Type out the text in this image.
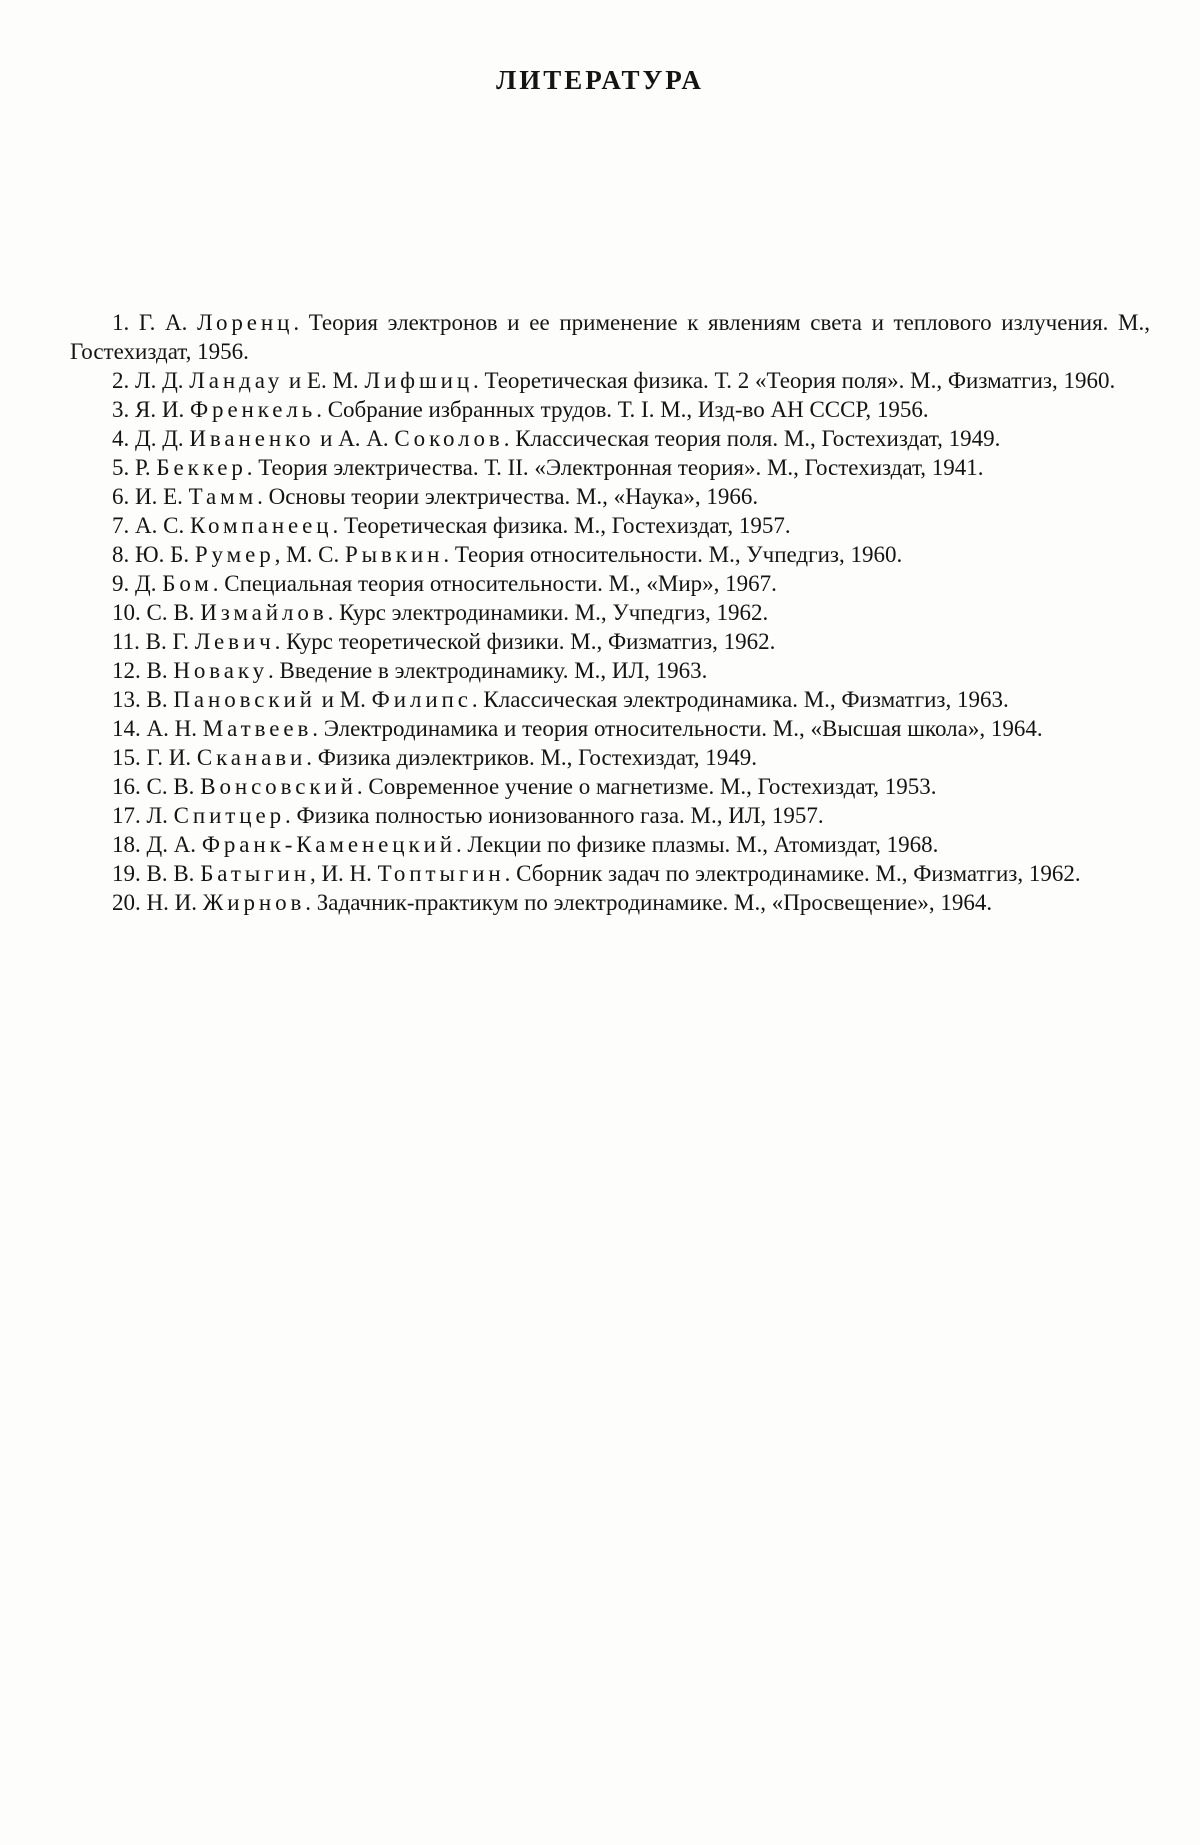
ЛИТЕРАТУРА

1. Г. А. Лоренц. Теория электронов и ее применение к явлениям света и теплового излучения. М., Гостехиздат, 1956.

2. Л. Д. Ландау и Е. М. Лифшиц. Теоретическая физика. Т. 2 «Теория поля». М., Физматгиз, 1960.

3. Я. И. Френкель. Собрание избранных трудов. Т. I. М., Изд-во АН СССР, 1956.

4. Д. Д. Иваненко и А. А. Соколов. Классическая теория поля. М., Гостехиздат, 1949.

5. Р. Беккер. Теория электричества. Т. II. «Электронная теория». М., Гостехиздат, 1941.

6. И. Е. Тамм. Основы теории электричества. М., «Наука», 1966.

7. А. С. Компанеец. Теоретическая физика. М., Гостехиздат, 1957.

8. Ю. Б. Румер, М. С. Рывкин. Теория относительности. М., Учпедгиз, 1960.

9. Д. Бом. Специальная теория относительности. М., «Мир», 1967.

10. С. В. Измайлов. Курс электродинамики. М., Учпедгиз, 1962.

11. В. Г. Левич. Курс теоретической физики. М., Физматгиз, 1962.

12. В. Новаку. Введение в электродинамику. М., ИЛ, 1963.

13. В. Пановский и М. Филипс. Классическая электродинамика. М., Физматгиз, 1963.

14. А. Н. Матвеев. Электродинамика и теория относительности. М., «Высшая школа», 1964.

15. Г. И. Сканави. Физика диэлектриков. М., Гостехиздат, 1949.

16. С. В. Вонсовский. Современное учение о магнетизме. М., Гостехиздат, 1953.

17. Л. Спитцер. Физика полностью ионизованного газа. М., ИЛ, 1957.

18. Д. А. Франк-Каменецкий. Лекции по физике плазмы. М., Атомиздат, 1968.

19. В. В. Батыгин, И. Н. Топтыгин. Сборник задач по электродинамике. М., Физматгиз, 1962.

20. Н. И. Жирнов. Задачник-практикум по электродинамике. М., «Просвещение», 1964.
